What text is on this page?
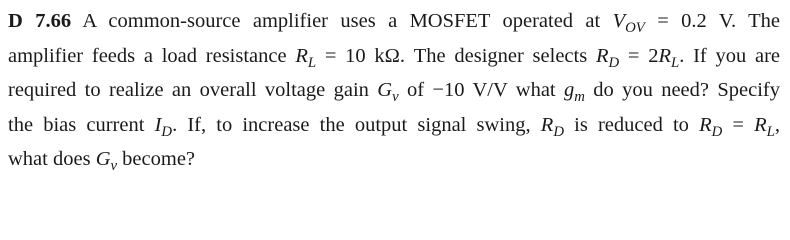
D 7.66 A common-source amplifier uses a MOSFET operated at $V_{OV} = 0.2$ V. The
amplifier feeds a load resistance $R_L = 10$ kΩ. The designer selects $R_D = 2R_L$. If you are
required to realize an overall voltage gain $G_v$ of −10 V/V what $g_m$ do you need? Specify
the bias current $I_D$. If, to increase the output signal swing, $R_D$ is reduced to $R_D = R_L$,
what does $G_v$ become?
